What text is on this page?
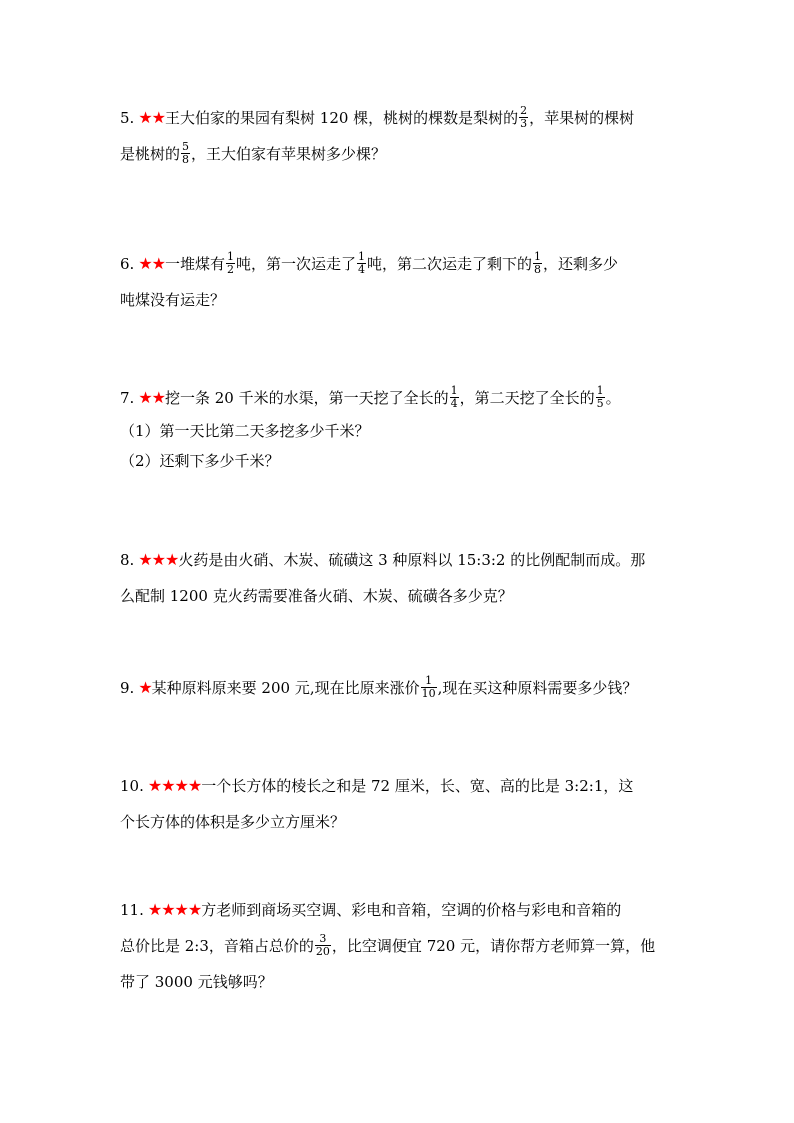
5. ★★王大伯家的果园有梨树 120 棵，桃树的棵数是梨树的 $\frac{2}{3}$ ，苹果树的棵树
是桃树的 $\frac{5}{8}$ ，王大伯家有苹果树多少棵？
6. ★★一堆煤有 $\frac{1}{2}$ 吨，第一次运走了 $\frac{1}{4}$ 吨，第二次运走了剩下的 $\frac{1}{8}$ ，还剩多少
吨煤没有运走？
7. ★★挖一条 20 千米的水渠，第一天挖了全长的 $\frac{1}{4}$ ，第二天挖了全长的 $\frac{1}{5}$ 。
（1）第一天比第二天多挖多少千米？
（2）还剩下多少千米？
8. ★★★火药是由火硝、木炭、硫磺这 3 种原料以 15:3:2 的比例配制而成。那
么配制 1200 克火药需要准备火硝、木炭、硫磺各多少克？
9. ★某种原料原来要 200 元,现在比原来涨价 $\frac{1}{10}$ ,现在买这种原料需要多少钱？
10. ★★★★一个长方体的棱长之和是 72 厘米，长、宽、高的比是 3:2:1，这
个长方体的体积是多少立方厘米？
11. ★★★★方老师到商场买空调、彩电和音箱，空调的价格与彩电和音箱的
总价比是 2:3，音箱占总价的 $\frac{3}{20}$ ，比空调便宜 720 元，请你帮方老师算一算，他
带了 3000 元钱够吗？
